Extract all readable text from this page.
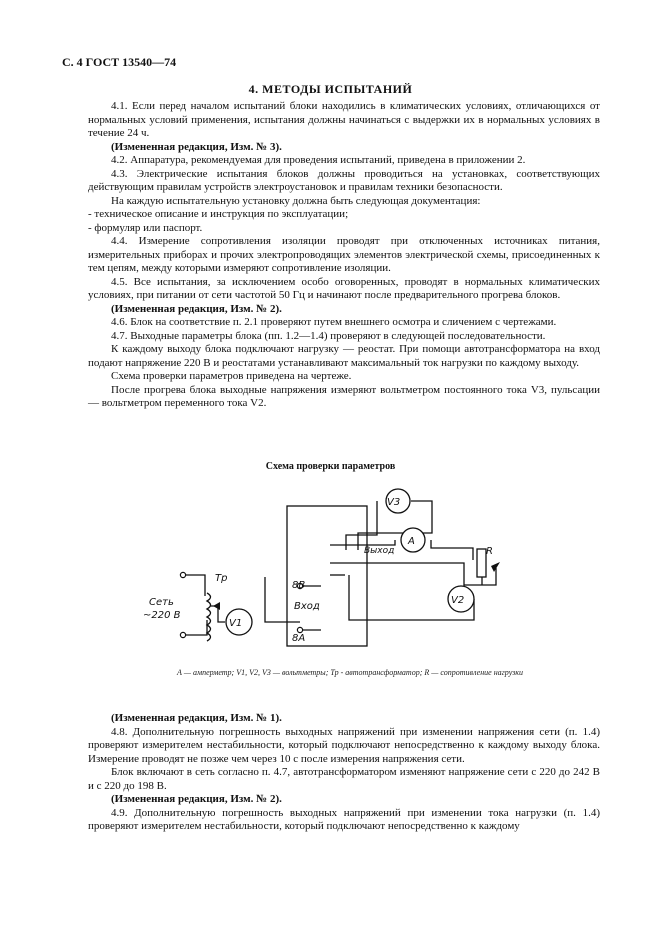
С. 4 ГОСТ 13540—74
4. МЕТОДЫ ИСПЫТАНИЙ

4.1. Если перед началом испытаний блоки находились в климатических условиях, отличающихся от нормальных условий применения, испытания должны начинаться с выдержки их в нормальных условиях в течение 24 ч.

(Измененная редакция, Изм. № 3).

4.2. Аппаратура, рекомендуемая для проведения испытаний, приведена в приложении 2.

4.3. Электрические испытания блоков должны проводиться на установках, соответствующих действующим правилам устройств электроустановок и правилам техники безопасности.

На каждую испытательную установку должна быть следующая документация:

- техническое описание и инструкция по эксплуатации;

- формуляр или паспорт.

4.4. Измерение сопротивления изоляции проводят при отключенных источниках питания, измерительных приборах и прочих электропроводящих элементов электрической схемы, присоединенных к тем цепям, между которыми измеряют сопротивление изоляции.

4.5. Все испытания, за исключением особо оговоренных, проводят в нормальных климатических условиях, при питании от сети частотой 50 Гц и начинают после предварительного прогрева блоков.

(Измененная редакция, Изм. № 2).

4.6. Блок на соответствие п. 2.1 проверяют путем внешнего осмотра и сличением с чертежами.

4.7. Выходные параметры блока (пп. 1.2—1.4) проверяют в следующей последовательности.

К каждому выходу блока подключают нагрузку — реостат. При помощи автотрансформатора на вход подают напряжение 220 В и реостатами устанавливают максимальный ток нагрузки по каждому выходу.

Схема проверки параметров приведена на чертеже.

После прогрева блока выходные напряжения измеряют вольтметром постоянного тока V3, пульсации — вольтметром переменного тока V2.

Схема проверки параметров
V3
A
V2
V1
R
Выход
Вход
8B
8A
Тр
Сеть
~220 В
А — амперметр; V1, V2, V3 — вольтметры; Тр - автотрансформатор; R — сопротивление нагрузки

(Измененная редакция, Изм. № 1).

4.8. Дополнительную погрешность выходных напряжений при изменении напряжения сети (п. 1.4) проверяют измерителем нестабильности, который подключают непосредственно к каждому выходу блока. Измерение проводят не позже чем через 10 с после измерения напряжения сети.

Блок включают в сеть согласно п. 4.7, автотрансформатором изменяют напряжение сети с 220 до 242 В и с 220 до 198 В.

(Измененная редакция, Изм. № 2).

4.9. Дополнительную погрешность выходных напряжений при изменении тока нагрузки (п. 1.4) проверяют измерителем нестабильности, который подключают непосредственно к каждому
